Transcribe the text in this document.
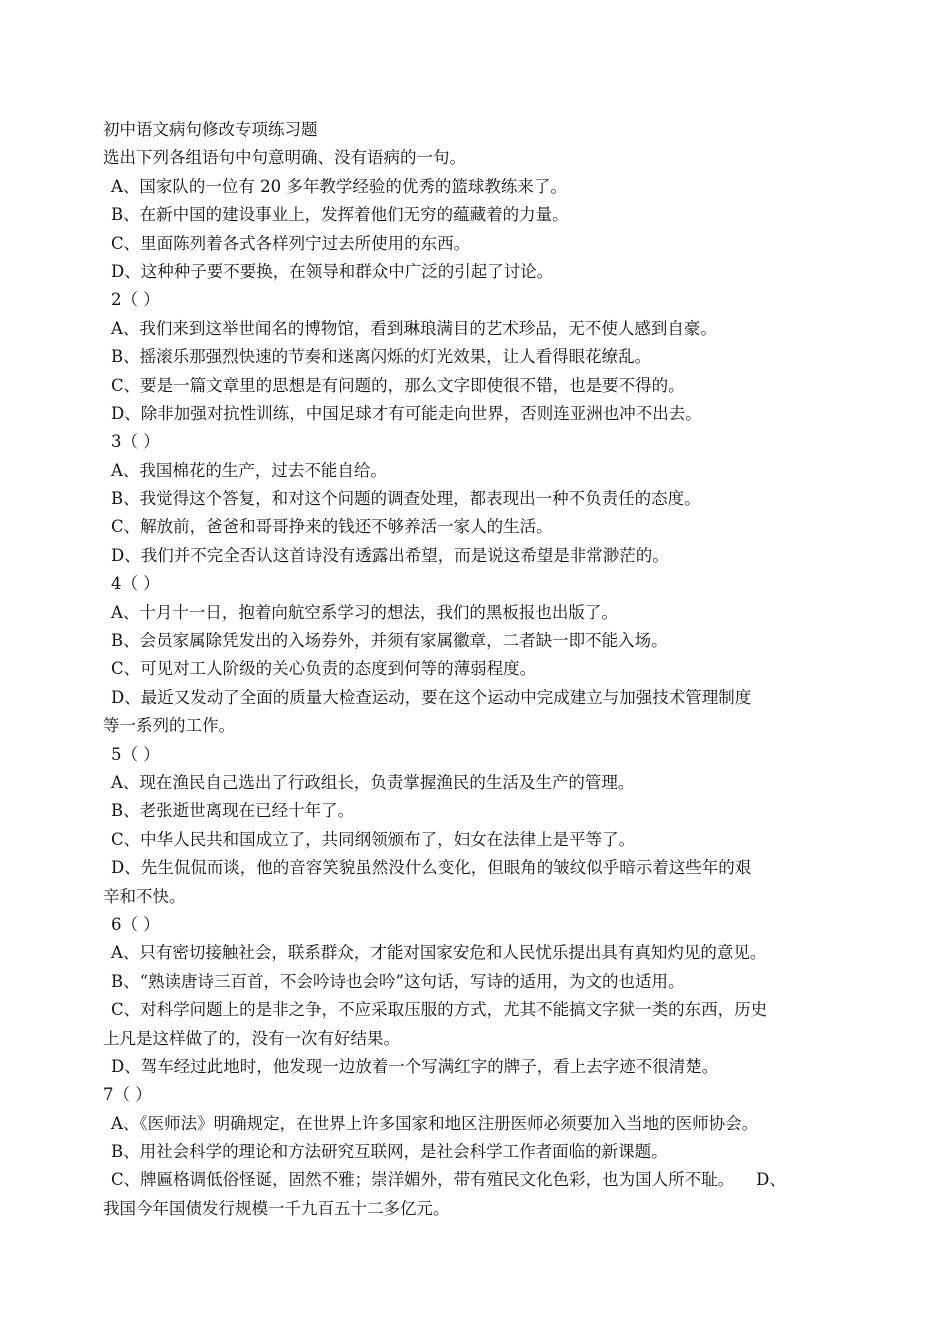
初中语文病句修改专项练习题
选出下列各组语句中句意明确、没有语病的一句。
A、国家队的一位有 20 多年教学经验的优秀的篮球教练来了。
B、在新中国的建设事业上，发挥着他们无穷的蕴藏着的力量。
C、里面陈列着各式各样列宁过去所使用的东西。
D、这种种子要不要换，在领导和群众中广泛的引起了讨论。
2（ ）
A、我们来到这举世闻名的博物馆，看到琳琅满目的艺术珍品，无不使人感到自豪。
B、摇滚乐那强烈快速的节奏和迷离闪烁的灯光效果，让人看得眼花缭乱。
C、要是一篇文章里的思想是有问题的，那么文字即使很不错，也是要不得的。
D、除非加强对抗性训练，中国足球才有可能走向世界，否则连亚洲也冲不出去。
3（ ）
A、我国棉花的生产，过去不能自给。
B、我觉得这个答复，和对这个问题的调查处理，都表现出一种不负责任的态度。
C、解放前，爸爸和哥哥挣来的钱还不够养活一家人的生活。
D、我们并不完全否认这首诗没有透露出希望，而是说这希望是非常渺茫的。
4（ ）
A、十月十一日，抱着向航空系学习的想法，我们的黑板报也出版了。
B、会员家属除凭发出的入场券外，并须有家属徽章，二者缺一即不能入场。
C、可见对工人阶级的关心负责的态度到何等的薄弱程度。
D、最近又发动了全面的质量大检查运动，要在这个运动中完成建立与加强技术管理制度
等一系列的工作。
5（ ）
A、现在渔民自己选出了行政组长，负责掌握渔民的生活及生产的管理。
B、老张逝世离现在已经十年了。
C、中华人民共和国成立了，共同纲领颁布了，妇女在法律上是平等了。
D、先生侃侃而谈，他的音容笑貌虽然没什么变化，但眼角的皱纹似乎暗示着这些年的艰
辛和不快。
6（ ）
A、只有密切接触社会，联系群众，才能对国家安危和人民忧乐提出具有真知灼见的意见。
B、“熟读唐诗三百首，不会吟诗也会吟”这句话，写诗的适用，为文的也适用。
C、对科学问题上的是非之争，不应采取压服的方式，尤其不能搞文字狱一类的东西，历史
上凡是这样做了的，没有一次有好结果。
D、驾车经过此地时，他发现一边放着一个写满红字的牌子，看上去字迹不很清楚。
7（ ）
A、《医师法》明确规定，在世界上许多国家和地区注册医师必须要加入当地的医师协会。
B、用社会科学的理论和方法研究互联网，是社会科学工作者面临的新课题。
C、牌匾格调低俗怪诞，固然不雅；崇洋媚外，带有殖民文化色彩，也为国人所不耻。 D、
我国今年国债发行规模一千九百五十二多亿元。
